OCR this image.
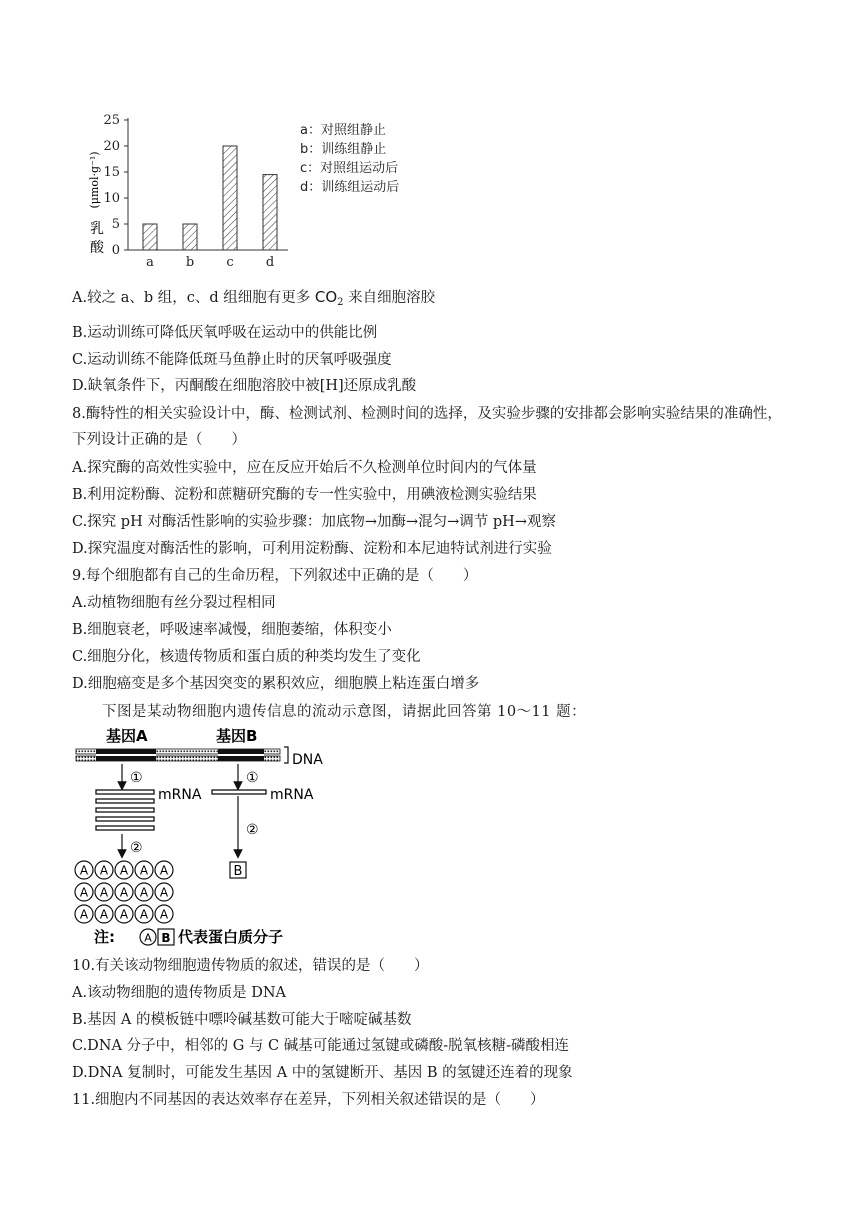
(μmol·g⁻¹)
乳酸 0
5
10
15
20
25
a b c d
a：对照组静止
b：训练组静止
c：对照组运动后
d：训练组运动后
A.较之 a、b 组，c、d 组细胞有更多 $CO_2$ 来自细胞溶胶
B.运动训练可降低厌氧呼吸在运动中的供能比例
C.运动训练不能降低斑马鱼静止时的厌氧呼吸强度
D.缺氧条件下，丙酮酸在细胞溶胶中被[H]还原成乳酸
8.酶特性的相关实验设计中，酶、检测试剂、检测时间的选择，及实验步骤的安排都会影响实验结果的准确性，
下列设计正确的是（　　）
A.探究酶的高效性实验中，应在反应开始后不久检测单位时间内的气体量
B.利用淀粉酶、淀粉和蔗糖研究酶的专一性实验中，用碘液检测实验结果
C.探究 pH 对酶活性影响的实验步骤：加底物→加酶→混匀→调节 pH→观察
D.探究温度对酶活性的影响，可利用淀粉酶、淀粉和本尼迪特试剂进行实验
9.每个细胞都有自己的生命历程，下列叙述中正确的是（　　）
A.动植物细胞有丝分裂过程相同
B.细胞衰老，呼吸速率减慢，细胞萎缩，体积变小
C.细胞分化，核遗传物质和蛋白质的种类均发生了变化
D.细胞癌变是多个基因突变的累积效应，细胞膜上粘连蛋白增多
下图是某动物细胞内遗传信息的流动示意图，请据此回答第 10～11 题：
基因A	基因B
DNA
①	①
mRNA	mRNA
②
②
A A A A A
A A A A A
A A A A A
B
注:	A B 代表蛋白质分子
10.有关该动物细胞遗传物质的叙述，错误的是（　　）
A.该动物细胞的遗传物质是 DNA
B.基因 A 的模板链中嘌呤碱基数可能大于嘧啶碱基数
C.DNA 分子中，相邻的 G 与 C 碱基可能通过氢键或磷酸-脱氧核糖-磷酸相连
D.DNA 复制时，可能发生基因 A 中的氢键断开、基因 B 的氢键还连着的现象
11.细胞内不同基因的表达效率存在差异，下列相关叙述错误的是（　　）
